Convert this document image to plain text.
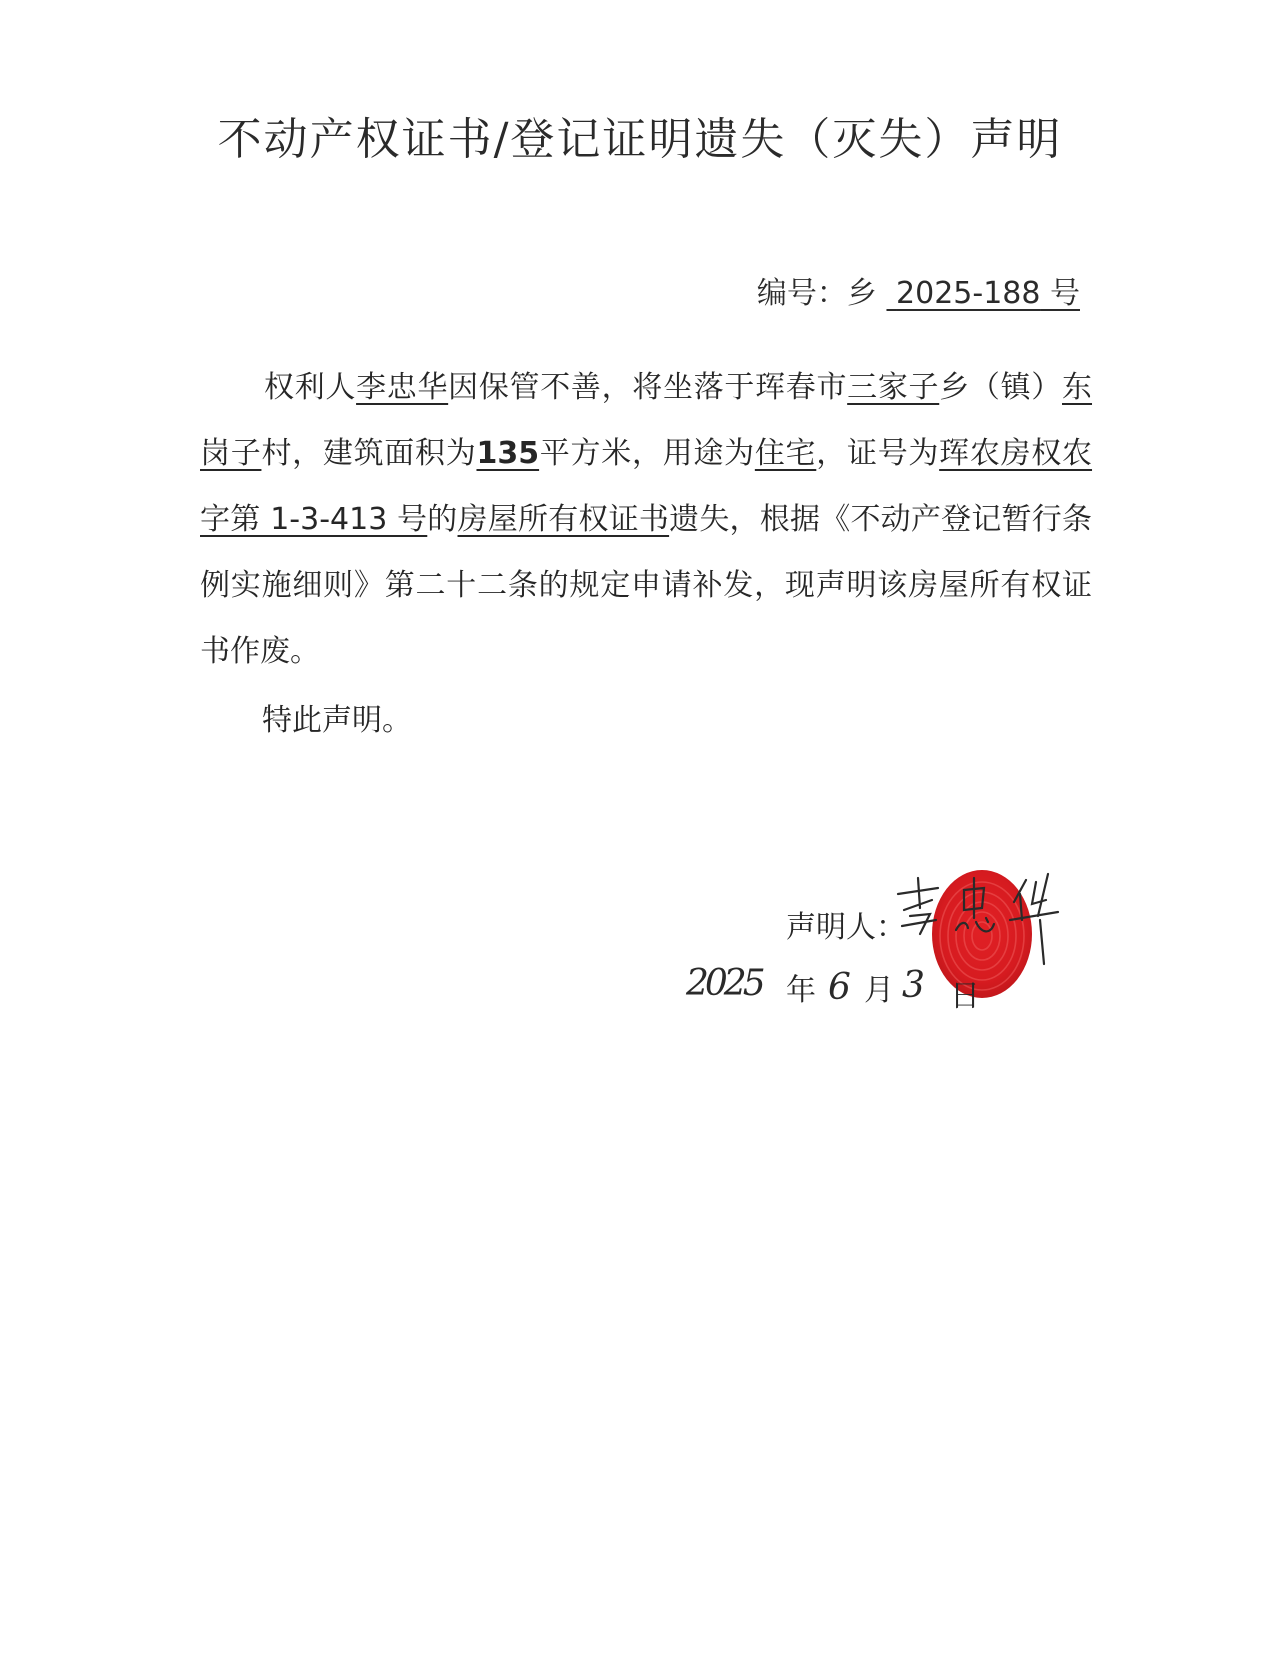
不动产权证书/登记证明遗失（灭失）声明
编号：乡 2025-188 号

权利人李忠华因保管不善，将坐落于珲春市三家子乡（镇）东岗子村，建筑面积为135平方米，用途为住宅，证号为珲农房权农字第 1-3-413 号的房屋所有权证书遗失，根据《不动产登记暂行条例实施细则》第二十二条的规定申请补发，现声明该房屋所有权证书作废。

特此声明。
声明人：
2025 年 6 月 3 日
